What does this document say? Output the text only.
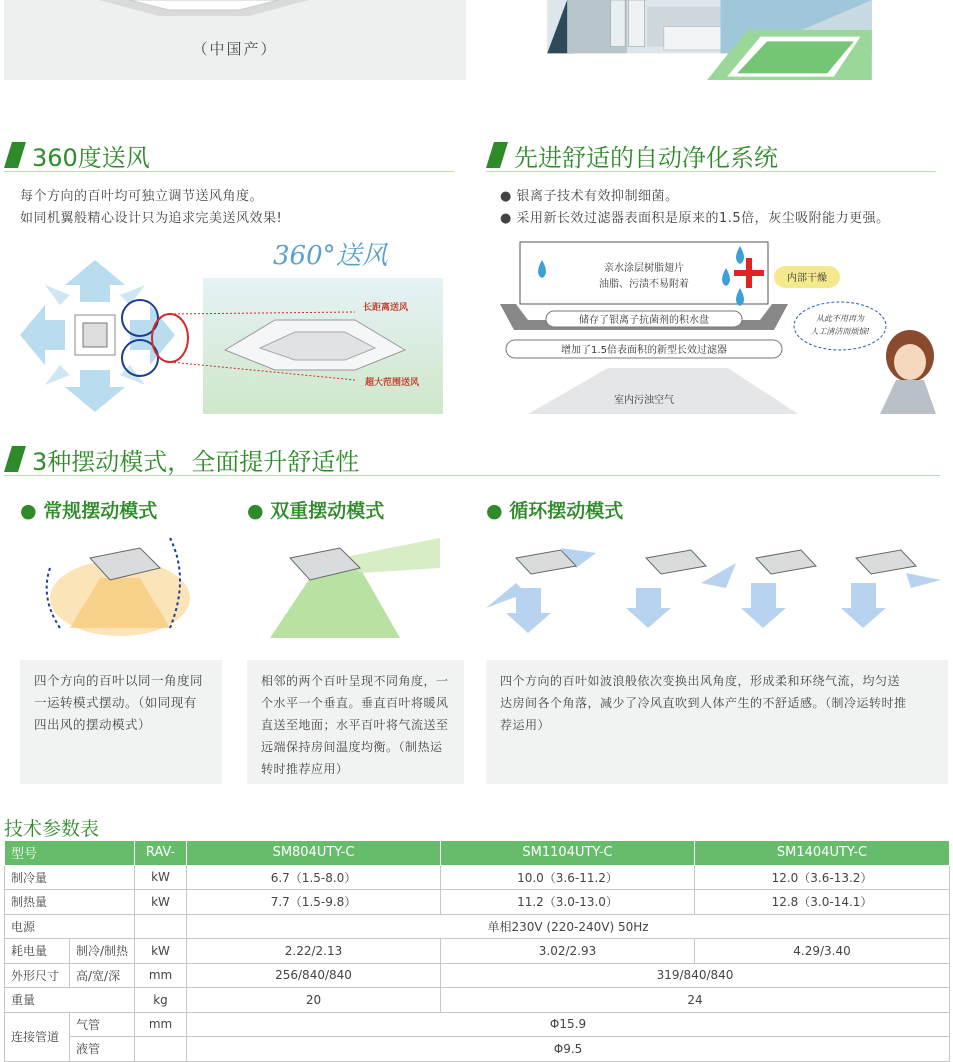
（中国产）
360度送风

每个方向的百叶均可独立调节送风角度。

如同机翼般精心设计只为追求完美送风效果!

360°送风
长距离送风
超大范围送风
先进舒适的自动净化系统

● 银离子技术有效抑制细菌。

● 采用新长效过滤器表面积是原来的1.5倍，灰尘吸附能力更强。

亲水涂层树脂翅片
油脂、污渍不易附着
内部干燥
储存了银离子抗菌剂的积水盘
增加了1.5倍表面积的新型长效过滤器
室内污浊空气
从此不用再为
人工清洁而烦恼!
3种摆动模式，全面提升舒适性
● 常规摆动模式	● 双重摆动模式	● 循环摆动模式

四个方向的百叶以同一角度同

一运转模式摆动。（如同现有

四出风的摆动模式）

相邻的两个百叶呈现不同角度，一

个水平一个垂直。垂直百叶将暖风

直送至地面；水平百叶将气流送至

远端保持房间温度均衡。（制热运

转时推荐应用）

四个方向的百叶如波浪般依次变换出风角度，形成柔和环绕气流，均匀送

达房间各个角落，减少了冷风直吹到人体产生的不舒适感。（制冷运转时推

荐运用）

技术参数表
型号		RAV-	SM804UTY-C	SM1104UTY-C	SM1404UTY-C
制冷量		kW	6.7（1.5-8.0）	10.0（3.6-11.2）	12.0（3.6-13.2）
制热量		kW	7.7（1.5-9.8）	11.2（3.0-13.0）	12.8（3.0-14.1）
电源			单相230V (220-240V) 50Hz		
耗电量	制冷/制热	kW	2.22/2.13	3.02/2.93	4.29/3.40
外形尺寸	高/宽/深	mm	256/840/840	319/840/840	
重量		kg	20	24	
连接管道	气管	mm	Φ15.9		
	液管		Φ9.5		
